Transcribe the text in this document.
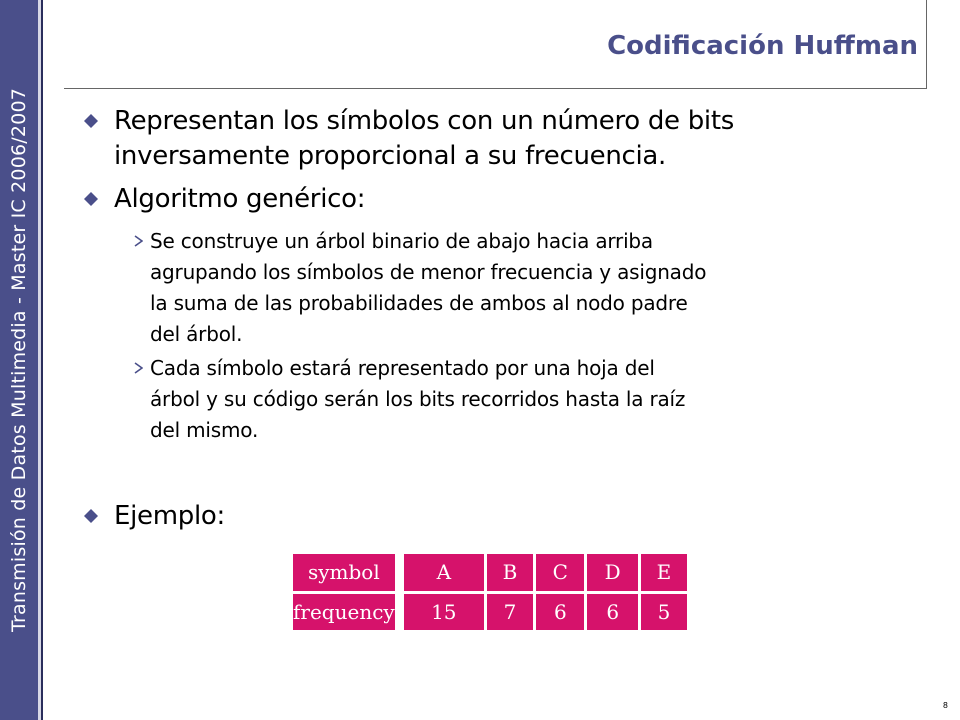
Transmisión de Datos Multimedia - Master IC 2006/2007
Codificación Huffman
Representan los símbolos con un número de bits
inversamente proporcional a su frecuencia.
Algoritmo genérico:
Se construye un árbol binario de abajo hacia arriba
agrupando los símbolos de menor frecuencia y asignado
la suma de las probabilidades de ambos al nodo padre
del árbol.
Cada símbolo estará representado por una hoja del
árbol y su código serán los bits recorridos hasta la raíz
del mismo.
Ejemplo:
symbol		A	B	C	D	E
frequency		15	7	6	6	5
8
